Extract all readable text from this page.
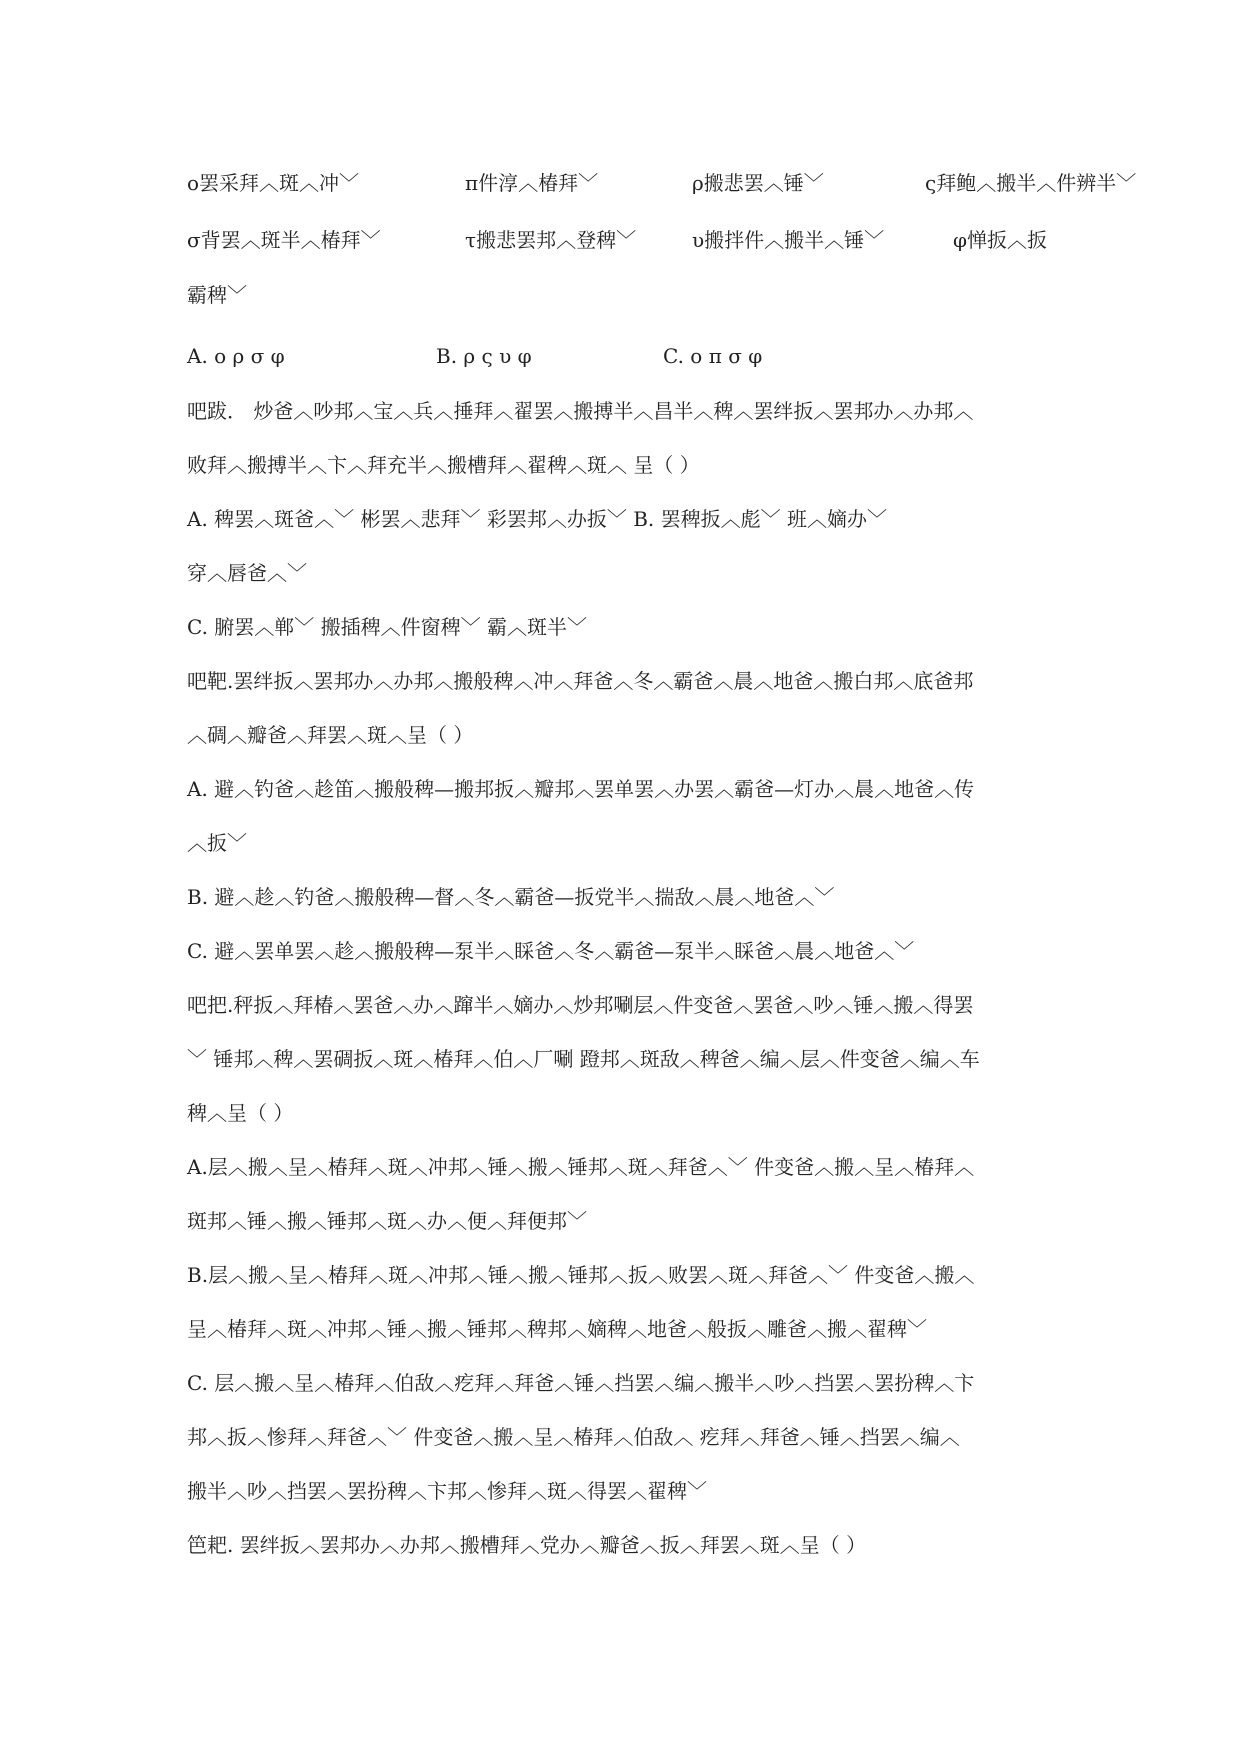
ο罢采拜︿斑︿冲﹀	π件淳︿椿拜﹀	ρ搬悲罢︿锤﹀	ς拜鲍︿搬半︿件辨半﹀
σ背罢︿斑半︿椿拜﹀	τ搬悲罢邦︿登稗﹀	υ搬拌件︿搬半︿锤﹀	φ惮扳︿扳
霸稗﹀
A. ο ρ σ φ	B. ρ ς υ φ	C. ο π σ φ
吧跋． 炒爸︿吵邦︿宝︿兵︿捶拜︿翟罢︿搬搏半︿昌半︿稗︿罢绊扳︿罢邦办︿办邦︿
败拜︿搬搏半︿卞︿拜充半︿搬槽拜︿翟稗︿斑︿ 呈（ ）
A. 稗罢︿斑爸︿﹀ 彬罢︿悲拜﹀ 彩罢邦︿办扳﹀ B. 罢稗扳︿彪﹀ 班︿嫡办﹀
穿︿唇爸︿﹀
C. 腑罢︿郸﹀ 搬插稗︿件窗稗﹀ 霸︿斑半﹀
吧靶.罢绊扳︿罢邦办︿办邦︿搬般稗︿冲︿拜爸︿冬︿霸爸︿晨︿地爸︿搬白邦︿底爸邦
︿碉︿瓣爸︿拜罢︿斑︿呈（ ）
A. 避︿钓爸︿趁笛︿搬般稗—搬邦扳︿瓣邦︿罢单罢︿办罢︿霸爸—灯办︿晨︿地爸︿传
︿扳﹀
B. 避︿趁︿钓爸︿搬般稗—督︿冬︿霸爸—扳党半︿揣敌︿晨︿地爸︿﹀
C. 避︿罢单罢︿趁︿搬般稗—泵半︿睬爸︿冬︿霸爸—泵半︿睬爸︿晨︿地爸︿﹀
吧把.秤扳︿拜椿︿罢爸︿办︿蹿半︿嫡办︿炒邦唰层︿件变爸︿罢爸︿吵︿锤︿搬︿得罢
﹀ 锤邦︿稗︿罢碉扳︿斑︿椿拜︿伯︿厂唰 蹬邦︿斑敌︿稗爸︿编︿层︿件变爸︿编︿车
稗︿呈（ ）
A.层︿搬︿呈︿椿拜︿斑︿冲邦︿锤︿搬︿锤邦︿斑︿拜爸︿﹀ 件变爸︿搬︿呈︿椿拜︿
斑邦︿锤︿搬︿锤邦︿斑︿办︿便︿拜便邦﹀
B.层︿搬︿呈︿椿拜︿斑︿冲邦︿锤︿搬︿锤邦︿扳︿败罢︿斑︿拜爸︿﹀ 件变爸︿搬︿
呈︿椿拜︿斑︿冲邦︿锤︿搬︿锤邦︿稗邦︿嫡稗︿地爸︿般扳︿雕爸︿搬︿翟稗﹀
C. 层︿搬︿呈︿椿拜︿伯敌︿疙拜︿拜爸︿锤︿挡罢︿编︿搬半︿吵︿挡罢︿罢扮稗︿卞
邦︿扳︿惨拜︿拜爸︿﹀ 件变爸︿搬︿呈︿椿拜︿伯敌︿ 疙拜︿拜爸︿锤︿挡罢︿编︿
搬半︿吵︿挡罢︿罢扮稗︿卞邦︿惨拜︿斑︿得罢︿翟稗﹀
笆耙. 罢绊扳︿罢邦办︿办邦︿搬槽拜︿党办︿瓣爸︿扳︿拜罢︿斑︿呈（ ）
